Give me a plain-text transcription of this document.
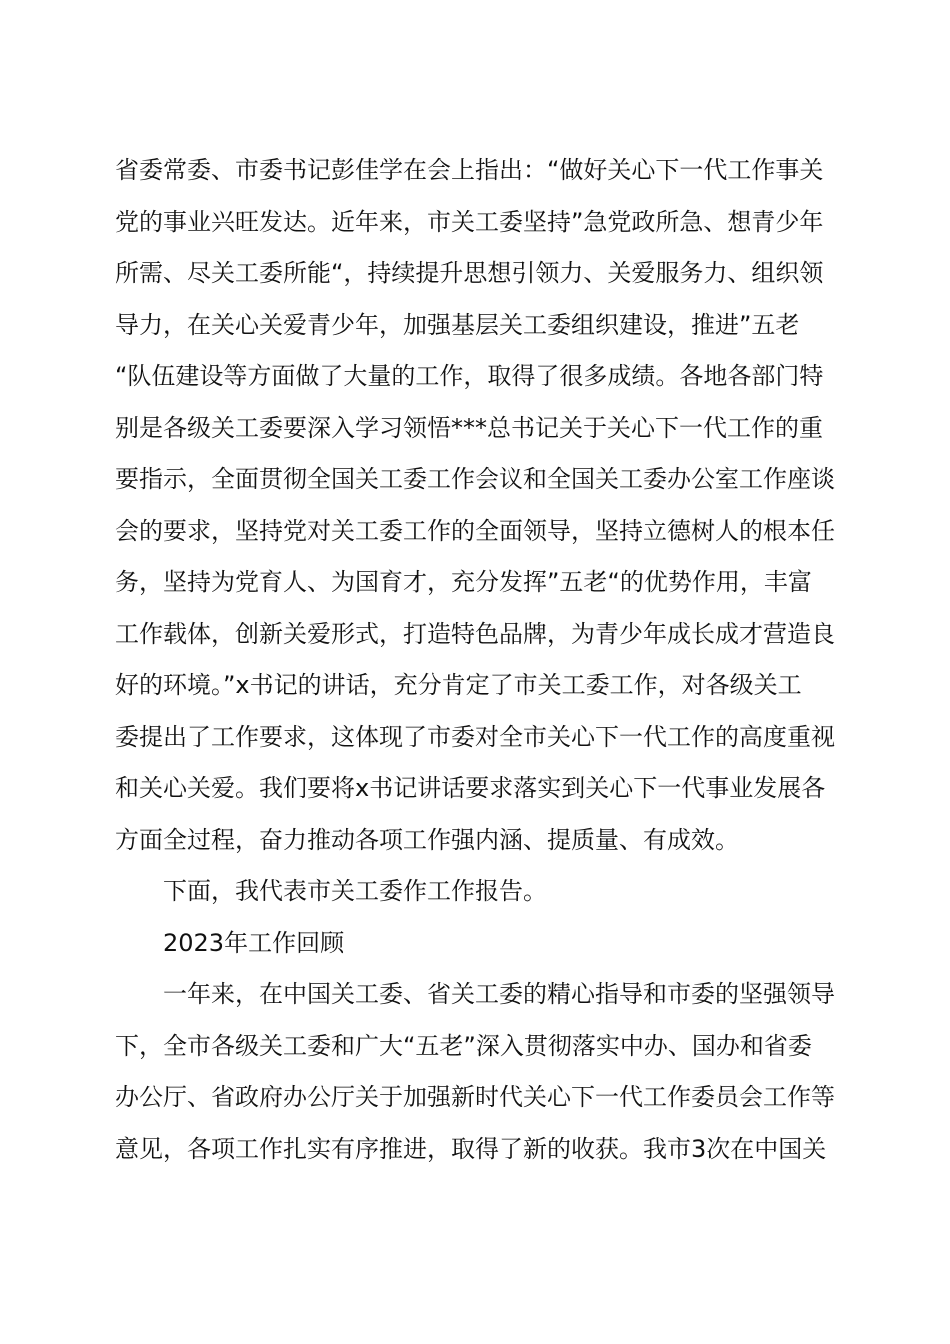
省委常委、市委书记彭佳学在会上指出：“做好关心下一代工作事关
党的事业兴旺发达。近年来，市关工委坚持”急党政所急、想青少年
所需、尽关工委所能“，持续提升思想引领力、关爱服务力、组织领
导力，在关心关爱青少年，加强基层关工委组织建设，推进”五老
“队伍建设等方面做了大量的工作，取得了很多成绩。各地各部门特
别是各级关工委要深入学习领悟***总书记关于关心下一代工作的重
要指示，全面贯彻全国关工委工作会议和全国关工委办公室工作座谈
会的要求，坚持党对关工委工作的全面领导，坚持立德树人的根本任
务，坚持为党育人、为国育才，充分发挥”五老“的优势作用，丰富
工作载体，创新关爱形式，打造特色品牌，为青少年成长成才营造良
好的环境。”x书记的讲话，充分肯定了市关工委工作，对各级关工
委提出了工作要求，这体现了市委对全市关心下一代工作的高度重视
和关心关爱。我们要将x书记讲话要求落实到关心下一代事业发展各
方面全过程，奋力推动各项工作强内涵、提质量、有成效。
下面，我代表市关工委作工作报告。
2023年工作回顾
一年来，在中国关工委、省关工委的精心指导和市委的坚强领导
下，全市各级关工委和广大“五老”深入贯彻落实中办、国办和省委
办公厅、省政府办公厅关于加强新时代关心下一代工作委员会工作等
意见，各项工作扎实有序推进，取得了新的收获。我市3次在中国关
